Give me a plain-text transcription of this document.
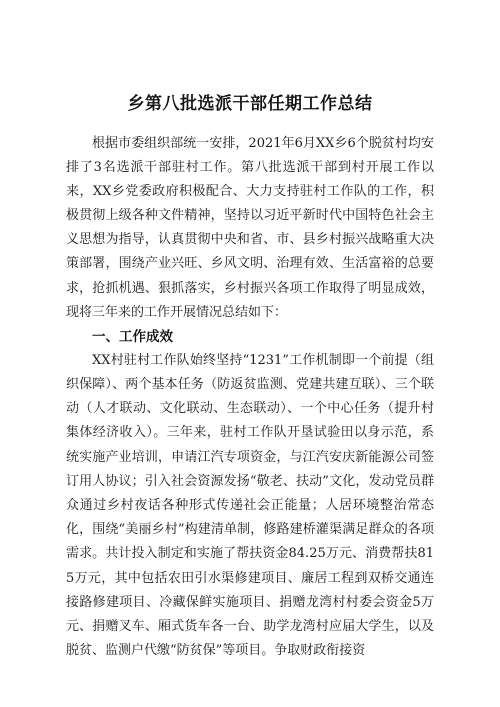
乡第八批选派干部任期工作总结

根据市委组织部统一安排，2021年6月XX乡6个脱贫村均安排了3名选派干部驻村工作。第八批选派干部到村开展工作以来，XX乡党委政府积极配合、大力支持驻村工作队的工作，积极贯彻上级各种文件精神，坚持以习近平新时代中国特色社会主义思想为指导，认真贯彻中央和省、市、县乡村振兴战略重大决策部署，围绕产业兴旺、乡风文明、治理有效、生活富裕的总要求，抢抓机遇、狠抓落实，乡村振兴各项工作取得了明显成效，现将三年来的工作开展情况总结如下：

一、工作成效

XX村驻村工作队始终坚持“1231”工作机制即一个前提（组织保障）、两个基本任务（防返贫监测、党建共建互联）、三个联动（人才联动、文化联动、生态联动）、一个中心任务（提升村集体经济收入）。三年来，驻村工作队开垦试验田以身示范，系统实施产业培训，申请江汽专项资金，与江汽安庆新能源公司签订用人协议；引入社会资源发扬“敬老、扶动”文化，发动党员群众通过乡村夜话各种形式传递社会正能量；人居环境整治常态化，围绕“美丽乡村”构建清单制，修路建桥灌渠满足群众的各项需求。共计投入制定和实施了帮扶资金84.25万元、消费帮扶815万元，其中包括农田引水渠修建项目、廉居工程到双桥交通连接路修建项目、冷藏保鲜实施项目、捐赠龙湾村村委会资金5万元、捐赠叉车、厢式货车各一台、助学龙湾村应届大学生，以及脱贫、监测户代缴“防贫保”等项目。争取财政衔接资
